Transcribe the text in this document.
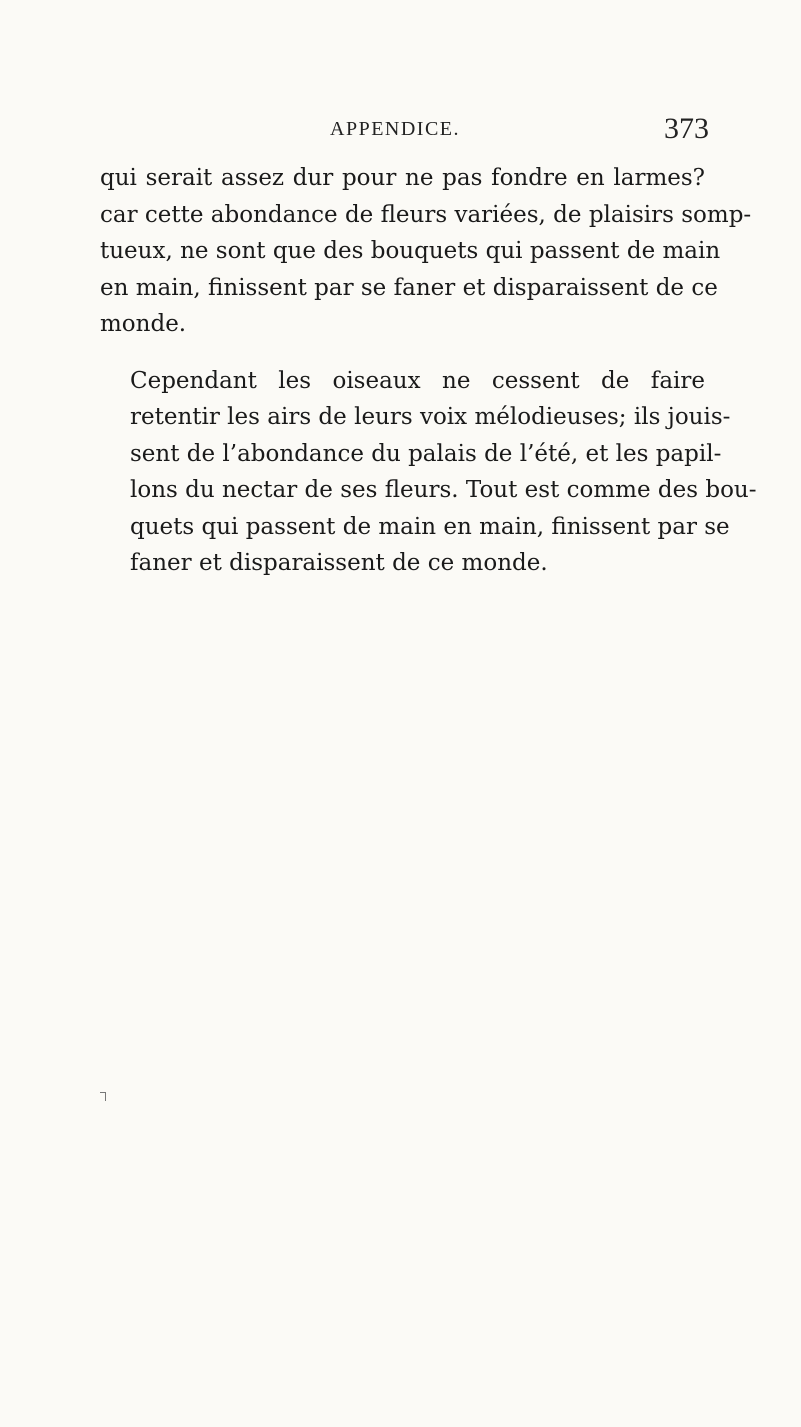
APPENDICE.	373

qui serait assez dur pour ne pas fondre en larmes?
car cette abondance de fleurs variées, de plaisirs somp-
tueux, ne sont que des bouquets qui passent de main
en main, finissent par se faner et disparaissent de ce
monde.

Cependant les oiseaux ne cessent de faire
retentir les airs de leurs voix mélodieuses; ils jouis-
sent de l’abondance du palais de l’été, et les papil-
lons du nectar de ses fleurs. Tout est comme des bou-
quets qui passent de main en main, finissent par se
faner et disparaissent de ce monde.
